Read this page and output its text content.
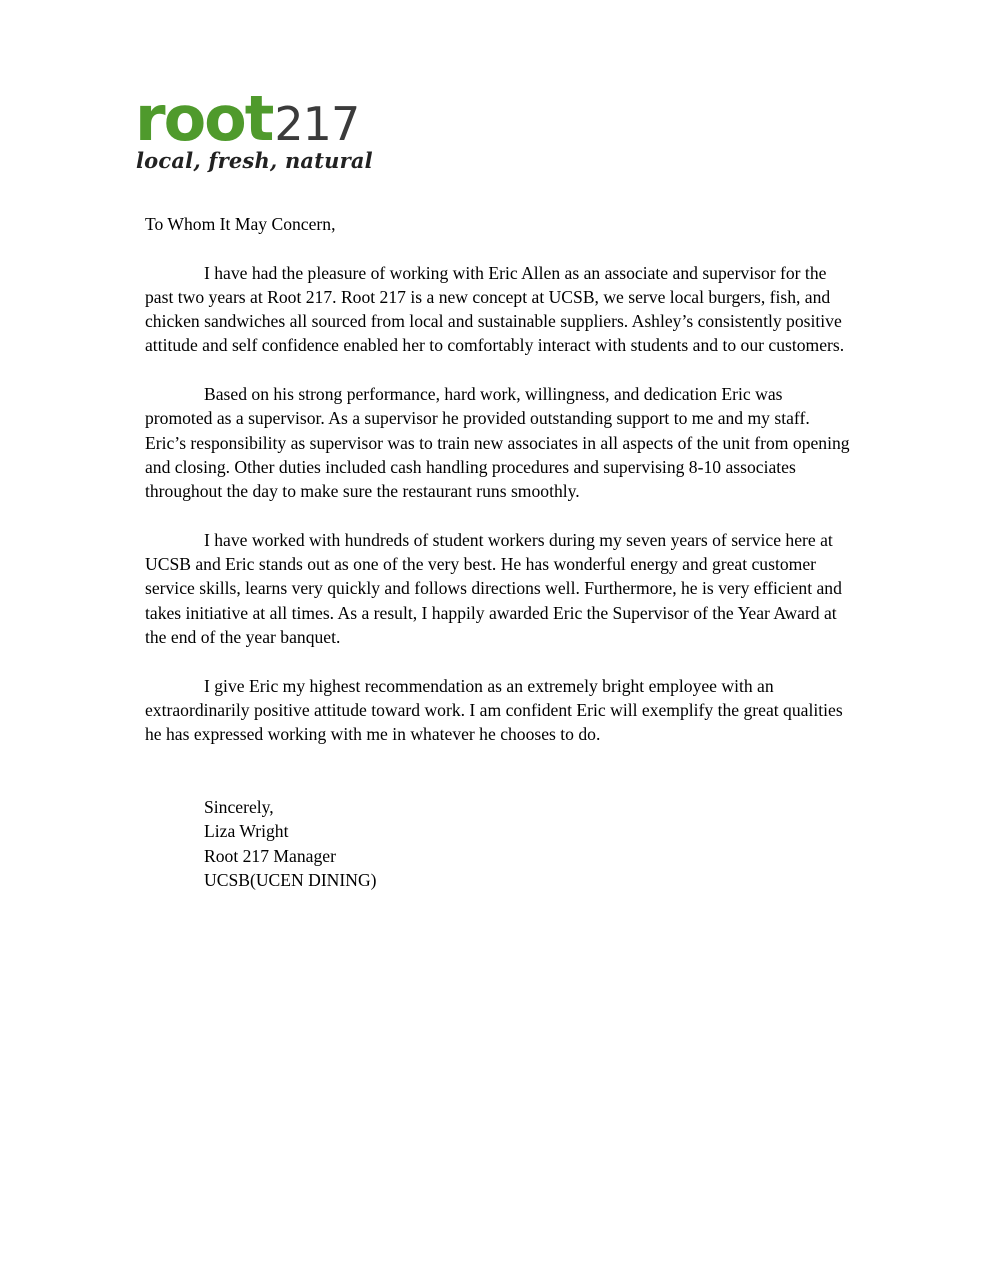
root217
local, fresh, natural

To Whom It May Concern,

I have had the pleasure of working with Eric Allen as an associate and supervisor for the past two years at Root 217. Root 217 is a new concept at UCSB, we serve local burgers, fish, and chicken sandwiches all sourced from local and sustainable suppliers. Ashley’s consistently positive attitude and self confidence enabled her to comfortably interact with students and to our customers.

Based on his strong performance, hard work, willingness, and dedication Eric was promoted as a supervisor. As a supervisor he provided outstanding support to me and my staff. Eric’s responsibility as supervisor was to train new associates in all aspects of the unit from opening and closing. Other duties included cash handling procedures and supervising 8-10 associates throughout the day to make sure the restaurant runs smoothly.

I have worked with hundreds of student workers during my seven years of service here at UCSB and Eric stands out as one of the very best. He has wonderful energy and great customer service skills, learns very quickly and follows directions well. Furthermore, he is very efficient and takes initiative at all times. As a result, I happily awarded Eric the Supervisor of the Year Award at the end of the year banquet.

I give Eric my highest recommendation as an extremely bright employee with an extraordinarily positive attitude toward work. I am confident Eric will exemplify the great qualities he has expressed working with me in whatever he chooses to do.

Sincerely,
Liza Wright
Root 217 Manager
UCSB(UCEN DINING)
